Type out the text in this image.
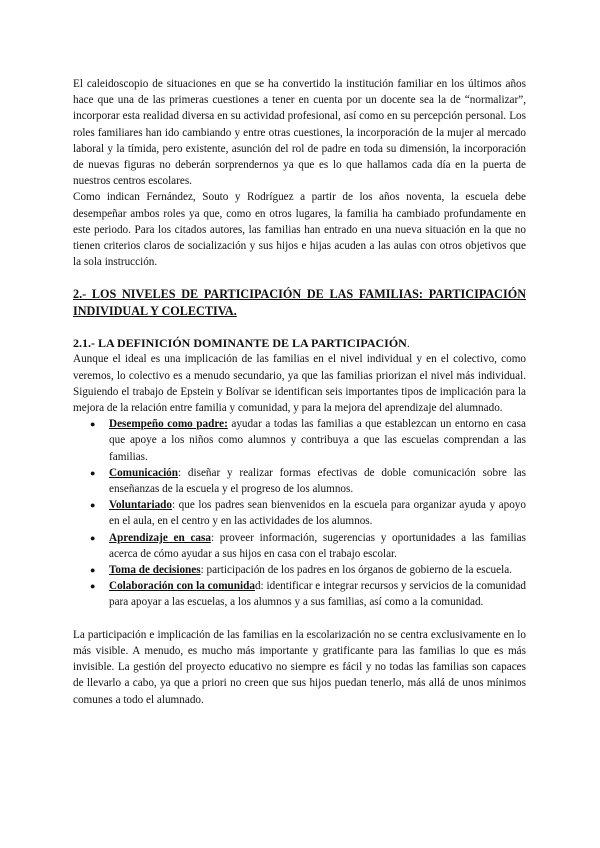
El caleidoscopio de situaciones en que se ha convertido la institución familiar en los últimos años hace que una de las primeras cuestiones a tener en cuenta por un docente sea la de “normalizar”, incorporar esta realidad diversa en su actividad profesional, así como en su percepción personal. Los roles familiares han ido cambiando y entre otras cuestiones, la incorporación de la mujer al mercado laboral y la tímida, pero existente, asunción del rol de padre en toda su dimensión, la incorporación de nuevas figuras no deberán sorprendernos ya que es lo que hallamos cada día en la puerta de nuestros centros escolares.

Como indican Fernández, Souto y Rodríguez a partir de los años noventa, la escuela debe desempeñar ambos roles ya que, como en otros lugares, la familia ha cambiado profundamente en este periodo. Para los citados autores, las familias han entrado en una nueva situación en la que no tienen criterios claros de socialización y sus hijos e hijas acuden a las aulas con otros objetivos que la sola instrucción.

2.- LOS NIVELES DE PARTICIPACIÓN DE LAS FAMILIAS: PARTICIPACIÓN INDIVIDUAL Y COLECTIVA.
2.1.- LA DEFINICIÓN DOMINANTE DE LA PARTICIPACIÓN.

Aunque el ideal es una implicación de las familias en el nivel individual y en el colectivo, como veremos, lo colectivo es a menudo secundario, ya que las familias priorizan el nivel más individual. Siguiendo el trabajo de Epstein y Bolívar se identifican seis importantes tipos de implicación para la mejora de la relación entre familia y comunidad, y para la mejora del aprendizaje del alumnado.

● Desempeño como padre: ayudar a todas las familias a que establezcan un entorno en casa que apoye a los niños como alumnos y contribuya a que las escuelas comprendan a las familias.
● Comunicación: diseñar y realizar formas efectivas de doble comunicación sobre las enseñanzas de la escuela y el progreso de los alumnos.
● Voluntariado: que los padres sean bienvenidos en la escuela para organizar ayuda y apoyo en el aula, en el centro y en las actividades de los alumnos.
● Aprendizaje en casa: proveer información, sugerencias y oportunidades a las familias acerca de cómo ayudar a sus hijos en casa con el trabajo escolar.
● Toma de decisiones: participación de los padres en los órganos de gobierno de la escuela.
● Colaboración con la comunidad: identificar e integrar recursos y servicios de la comunidad para apoyar a las escuelas, a los alumnos y a sus familias, así como a la comunidad.

La participación e implicación de las familias en la escolarización no se centra exclusivamente en lo más visible. A menudo, es mucho más importante y gratificante para las familias lo que es más invisible. La gestión del proyecto educativo no siempre es fácil y no todas las familias son capaces de llevarlo a cabo, ya que a priori no creen que sus hijos puedan tenerlo, más allá de unos mínimos comunes a todo el alumnado.
